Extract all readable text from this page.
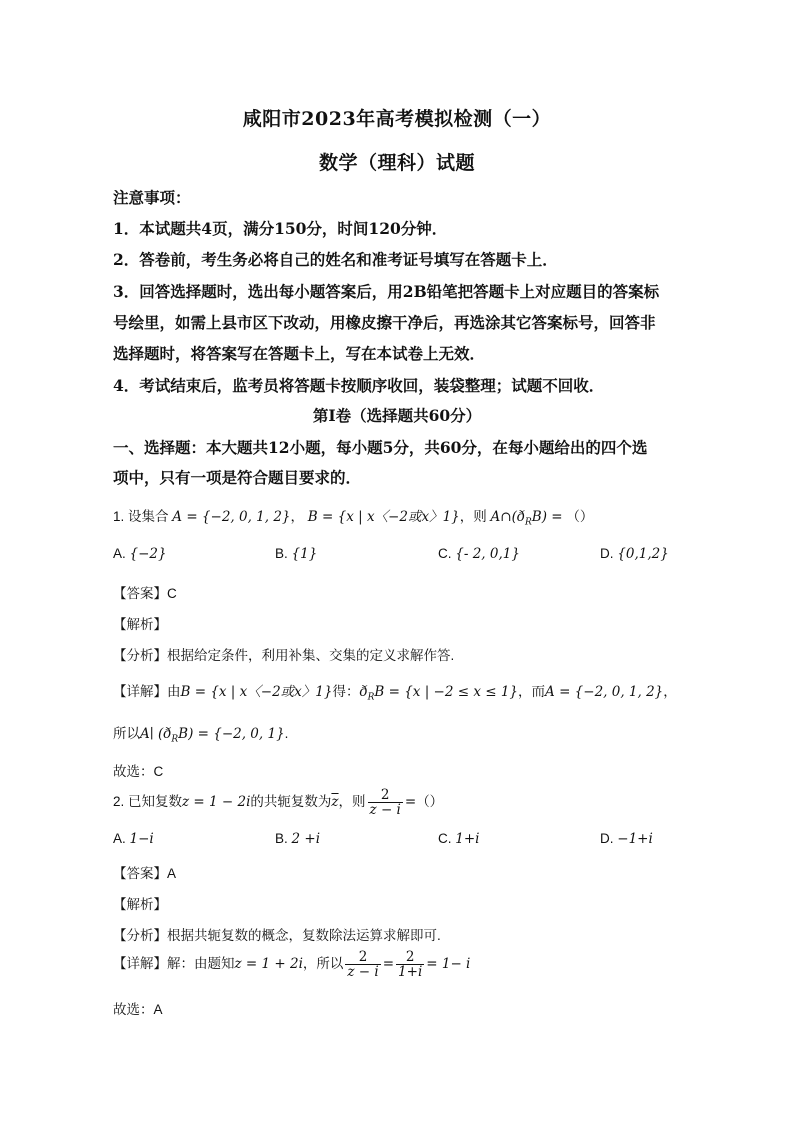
咸阳市2023年高考模拟检测（一）
数学（理科）试题
注意事项：
1．本试题共4页，满分150分，时间120分钟．
2．答卷前，考生务必将自己的姓名和准考证号填写在答题卡上．
3．回答选择题时，选出每小题答案后，用2B铅笔把答题卡上对应题目的答案标
号绘里，如需上县市区下改动，用橡皮擦干净后，再选涂其它答案标号，回答非
选择题时，将答案写在答题卡上，写在本试卷上无效．
4．考试结束后，监考员将答题卡按顺序收回，装袋整理；试题不回收．
第Ⅰ卷（选择题共60分）
一、选择题：本大题共12小题，每小题5分，共60分，在每小题给出的四个选
项中，只有一项是符合题目要求的．
1. 设集合 A = {−2, 0, 1, 2}， B = {x | x〈−2或x〉1}，则 $A\cap(ð_RB)$ = （）
A. {−2}	B. {1}	C. {- 2, 0,1}	D. {0,1,2}
【答案】C
【解析】
【分析】根据给定条件，利用补集、交集的定义求解作答.
【详解】由B = {x | x〈−2或x〉1}得：$ð_RB = \{x$ | −2 ≤ x ≤ 1}，而A = {−2, 0, 1, 2}，
所以A∣ $(ð_RB) = \{-2$, 0, 1}.
故选：C
2. 已知复数z = 1 − 2i的共轭复数为$\overline{z}$，则 $\frac{2}{z - i}$ =（）
A. 1−i	B. 2 +i	C. 1+i	D. −1+i
【答案】A
【解析】
【分析】根据共轭复数的概念，复数除法运算求解即可.
【详解】解：由题知z = 1 + 2i，所以 $\frac{2}{z - i} = \frac{2}{1+i} = 1- i$
故选：A
